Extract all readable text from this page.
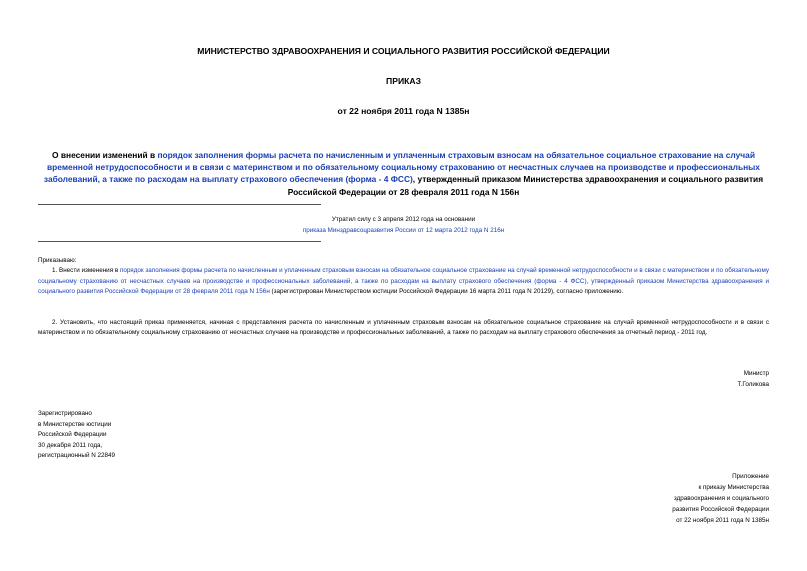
МИНИСТЕРСТВО ЗДРАВООХРАНЕНИЯ И СОЦИАЛЬНОГО РАЗВИТИЯ РОССИЙСКОЙ ФЕДЕРАЦИИ
ПРИКАЗ
от 22 ноября 2011 года N 1385н
О внесении изменений в порядок заполнения формы расчета по начисленным и уплаченным страховым взносам на обязательное социальное страхование на случай временной нетрудоспособности и в связи с материнством и по обязательному социальному страхованию от несчастных случаев на производстве и профессиональных заболеваний, а также по расходам на выплату страхового обеспечения (форма - 4 ФСС), утвержденный приказом Министерства здравоохранения и социального развития Российской Федерации от 28 февраля 2011 года N 156н
Утратил силу с 3 апреля 2012 года на основании
приказа Минздравсоцразвития России от 12 марта 2012 года N 216н
Приказываю:
1. Внести изменения в порядок заполнения формы расчета по начисленным и уплаченным страховым взносам на обязательное социальное страхование на случай временной нетрудоспособности и в связи с материнством и по обязательному социальному страхованию от несчастных случаев на производстве и профессиональных заболеваний, а также по расходам на выплату страхового обеспечения (форма - 4 ФСС), утвержденный приказом Министерства здравоохранения и социального развития Российской Федерации от 28 февраля 2011 года N 156н (зарегистрирован Министерством юстиции Российской Федерации 16 марта 2011 года N 20129), согласно приложению.
2. Установить, что настоящий приказ применяется, начиная с представления расчета по начисленным и уплаченным страховым взносам на обязательное социальное страхование на случай временной нетрудоспособности и в связи с материнством и по обязательному социальному страхованию от несчастных случаев на производстве и профессиональных заболеваний, а также по расходам на выплату страхового обеспечения за отчетный период - 2011 год.
Министр
Т.Голикова
Зарегистрировано
в Министерстве юстиции
Российской Федерации
30 декабря 2011 года,
регистрационный N 22849
Приложение
к приказу Министерства
здравоохранения и социального
развития Российской Федерации
от 22 ноября 2011 года N 1385н
